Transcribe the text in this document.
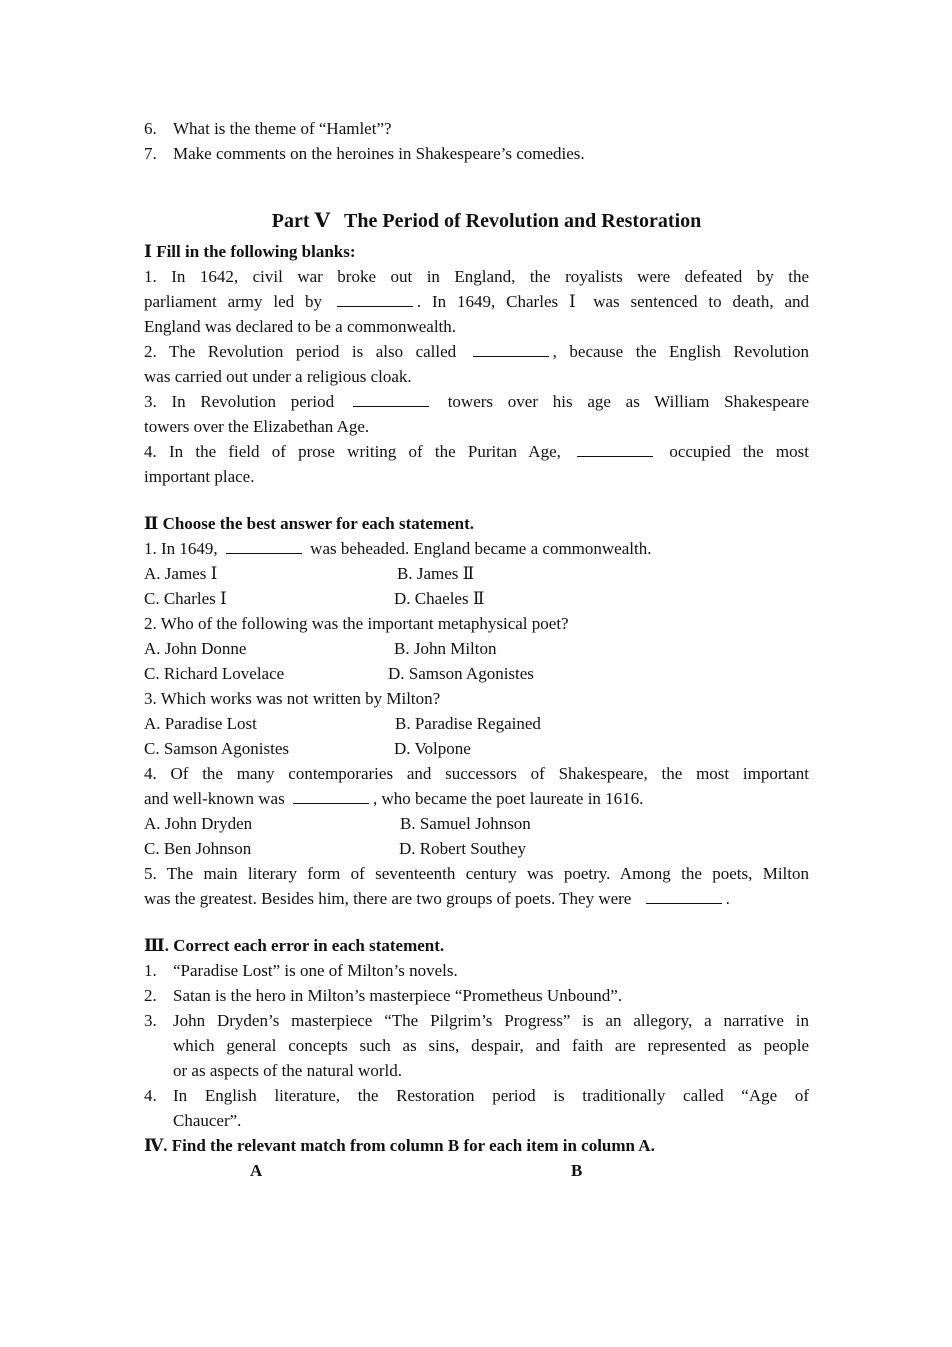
6. What is the theme of “Hamlet”?
7. Make comments on the heroines in Shakespeare’s comedies.
Part Ⅴ The Period of Revolution and Restoration
Ⅰ Fill in the following blanks:
1. In 1642, civil war broke out in England, the royalists were defeated by the
parliament army led by	. In 1649, Charles Ⅰ was sentenced to death, and
England was declared to be a commonwealth.
2. The Revolution period is also called	, because the English Revolution
was carried out under a religious cloak.
3. In Revolution period	towers over his age as William Shakespeare
towers over the Elizabethan Age.
4. In the field of prose writing of the Puritan Age,	occupied the most
important place.
Ⅱ Choose the best answer for each statement.
1. In 1649,	was beheaded. England became a commonwealth.
A. James Ⅰ	B. James Ⅱ
C. Charles Ⅰ	D. Chaeles Ⅱ
2. Who of the following was the important metaphysical poet?
A. John Donne	B. John Milton
C. Richard Lovelace	D. Samson Agonistes
3. Which works was not written by Milton?
A. Paradise Lost	B. Paradise Regained
C. Samson Agonistes	D. Volpone
4. Of the many contemporaries and successors of Shakespeare, the most important
and well-known was	, who became the poet laureate in 1616.
A. John Dryden	B. Samuel Johnson
C. Ben Johnson	D. Robert Southey
5. The main literary form of seventeenth century was poetry. Among the poets, Milton
was the greatest. Besides him, there are two groups of poets. They were	.
Ⅲ. Correct each error in each statement.
1. “Paradise Lost” is one of Milton’s novels.
2. Satan is the hero in Milton’s masterpiece “Prometheus Unbound”.
3. John Dryden’s masterpiece “The Pilgrim’s Progress” is an allegory, a narrative in
which general concepts such as sins, despair, and faith are represented as people
or as aspects of the natural world.
4. In English literature, the Restoration period is traditionally called “Age of
Chaucer”.
Ⅳ. Find the relevant match from column B for each item in column A.
A	B
